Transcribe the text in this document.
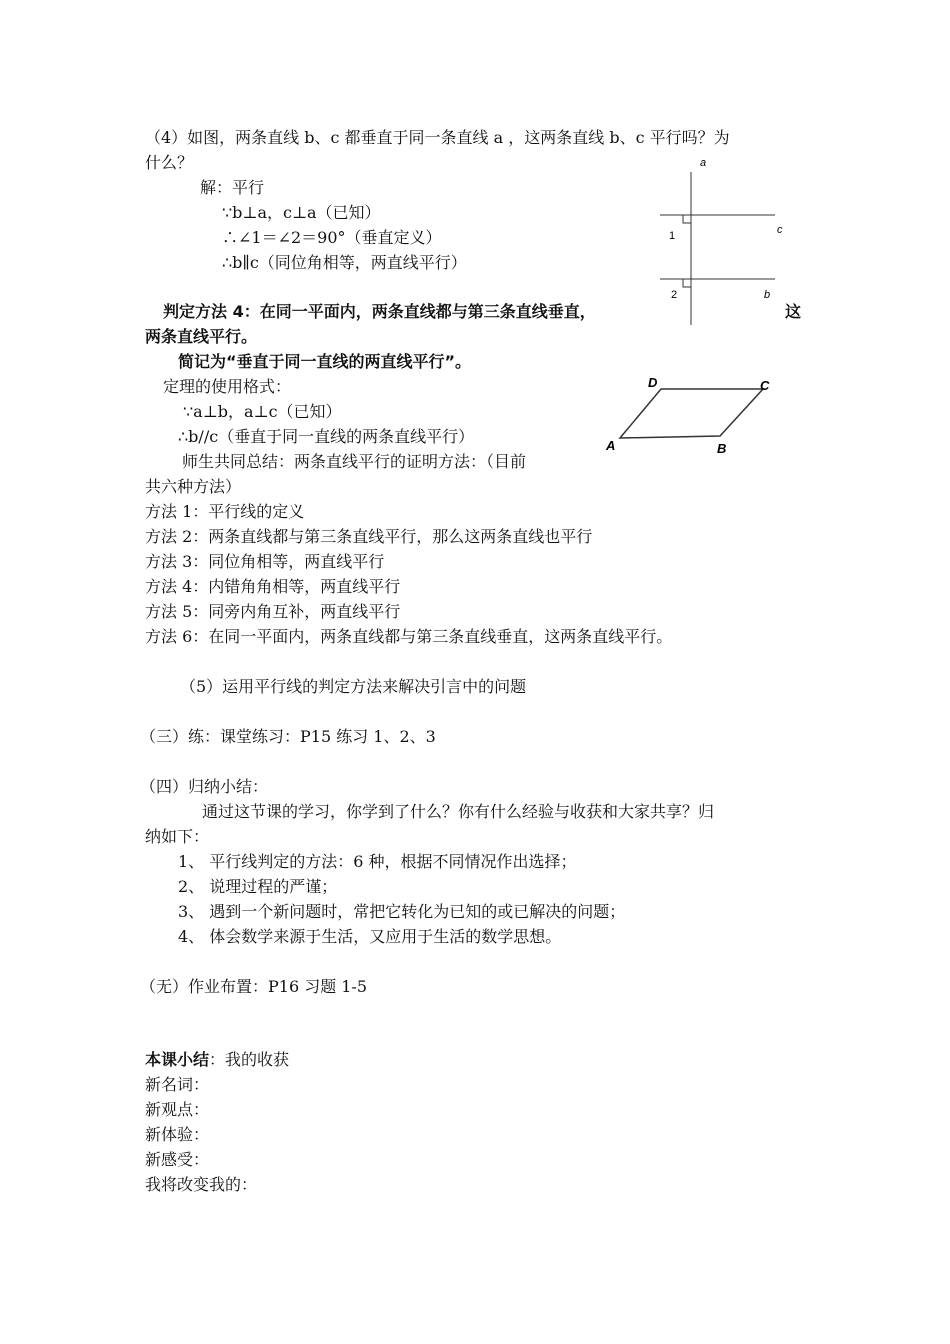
（4）如图，两条直线 b、c 都垂直于同一条直线 a ，这两条直线 b、c 平行吗？为
什么？
解：平行
∵b⊥a，c⊥a（已知）
∴∠1＝∠2＝90°（垂直定义）
∴b∥c（同位角相等，两直线平行）
a
c
b
1
2
判定方法 4：在同一平面内，两条直线都与第三条直线垂直，	这
两条直线平行。
简记为“垂直于同一直线的两直线平行”。
定理的使用格式：
∵a⊥b，a⊥c（已知）
∴b//c（垂直于同一直线的两条直线平行）
师生共同总结：两条直线平行的证明方法：（目前
共六种方法）
A	B
C
D
方法 1：平行线的定义
方法 2：两条直线都与第三条直线平行，那么这两条直线也平行
方法 3：同位角相等，两直线平行
方法 4：内错角角相等，两直线平行
方法 5：同旁内角互补，两直线平行
方法 6：在同一平面内，两条直线都与第三条直线垂直，这两条直线平行。
（5）运用平行线的判定方法来解决引言中的问题
（三）练：课堂练习：P15 练习 1、2、3
（四）归纳小结：
通过这节课的学习，你学到了什么？你有什么经验与收获和大家共享？归
纳如下：
1、 平行线判定的方法：6 种，根据不同情况作出选择；
2、 说理过程的严谨；
3、 遇到一个新问题时，常把它转化为已知的或已解决的问题；
4、 体会数学来源于生活，又应用于生活的数学思想。
（无）作业布置：P16 习题 1-5
本课小结：我的收获
新名词：
新观点：
新体验：
新感受：
我将改变我的：
